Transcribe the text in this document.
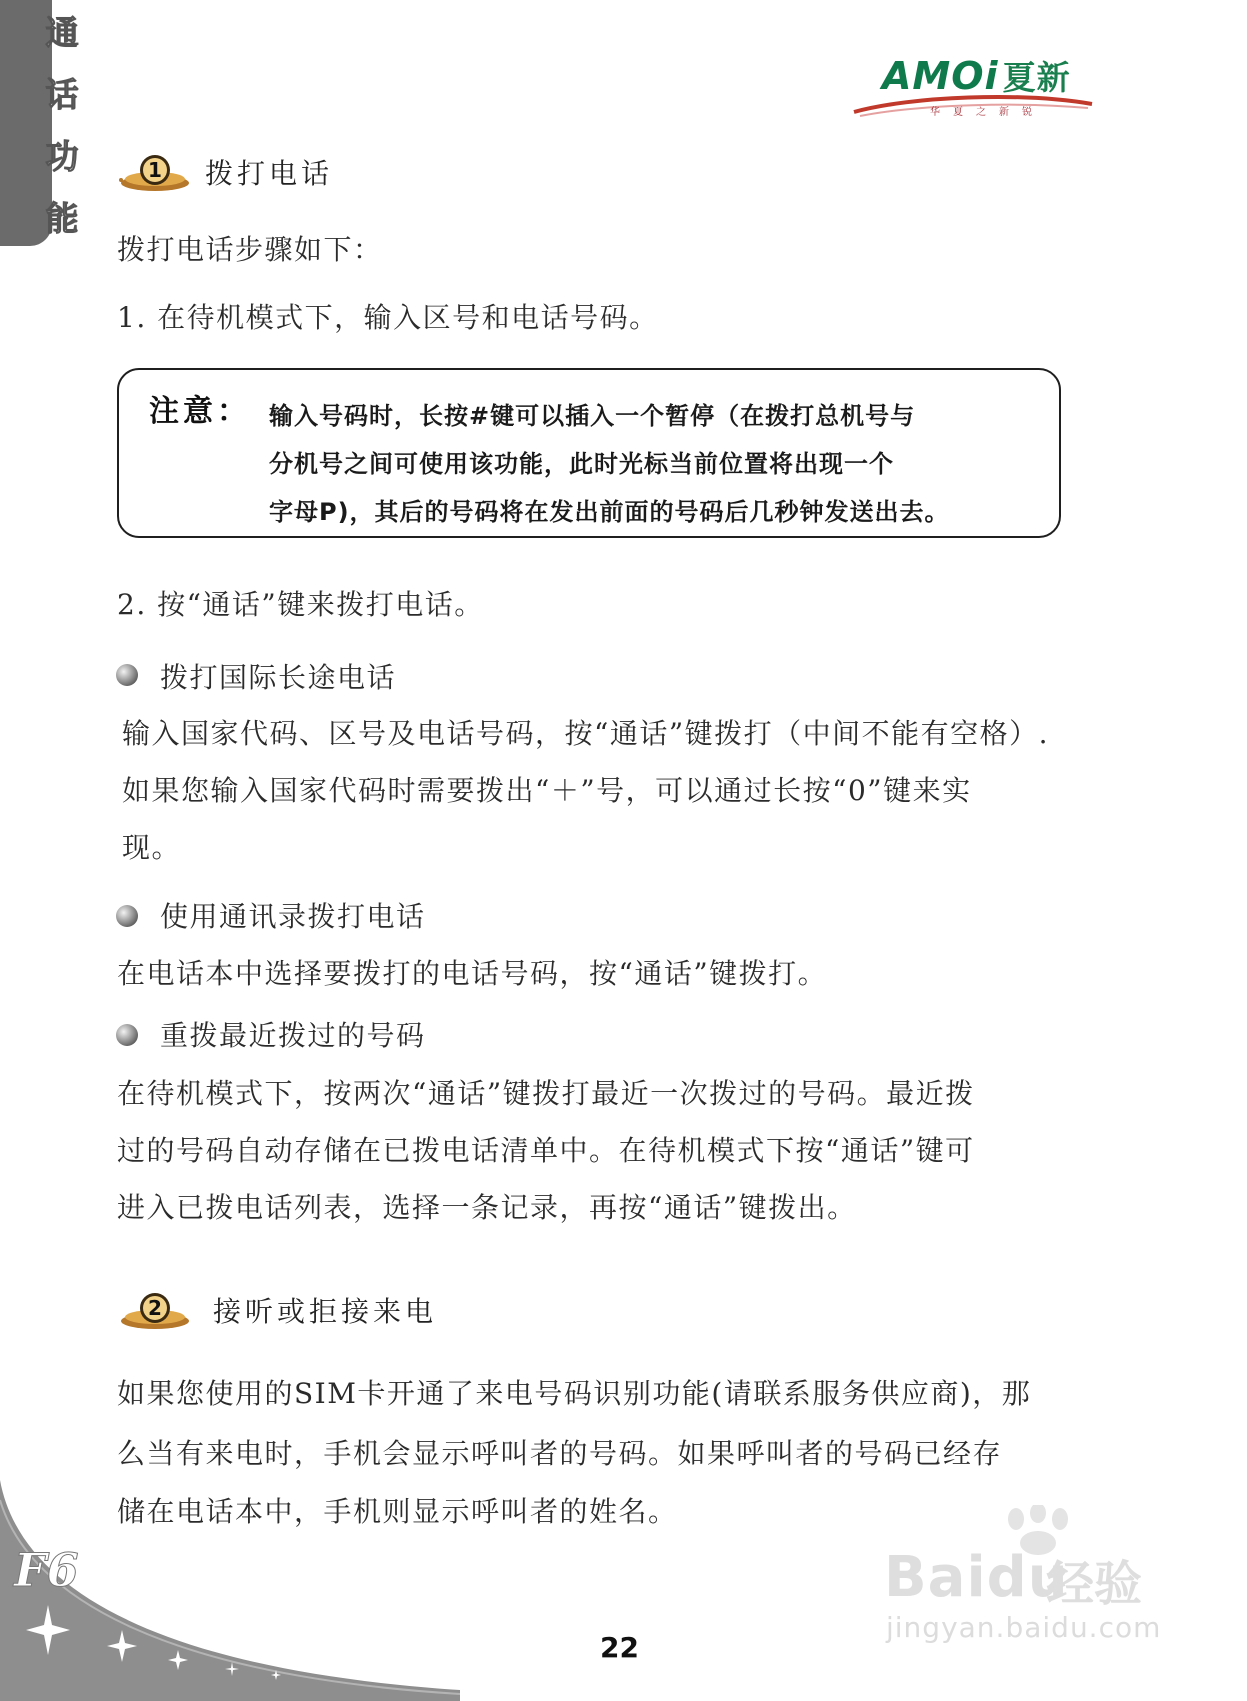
通
话
功
能
AMOi 夏新
华夏之新锐
1 拨打电话
拨打电话步骤如下：
1. 在待机模式下，输入区号和电话号码。
注意： 输入号码时，长按#键可以插入一个暂停（在拨打总机号与
分机号之间可使用该功能，此时光标当前位置将出现一个
字母P)，其后的号码将在发出前面的号码后几秒钟发送出去。
2. 按“通话”键来拨打电话。
拨打国际长途电话
输入国家代码、区号及电话号码，按“通话”键拨打（中间不能有空格）.
如果您输入国家代码时需要拨出“＋”号，可以通过长按“0”键来实
现。
使用通讯录拨打电话
在电话本中选择要拨打的电话号码，按“通话”键拨打。
重拨最近拨过的号码
在待机模式下，按两次“通话”键拨打最近一次拨过的号码。最近拨
过的号码自动存储在已拨电话清单中。在待机模式下按“通话”键可
进入已拨电话列表，选择一条记录，再按“通话”键拨出。
2 接听或拒接来电
如果您使用的SIM卡开通了来电号码识别功能(请联系服务供应商)，那
么当有来电时，手机会显示呼叫者的号码。如果呼叫者的号码已经存
储在电话本中，手机则显示呼叫者的姓名。
F6
22
Baidu
经验
jingyan.baidu.com
